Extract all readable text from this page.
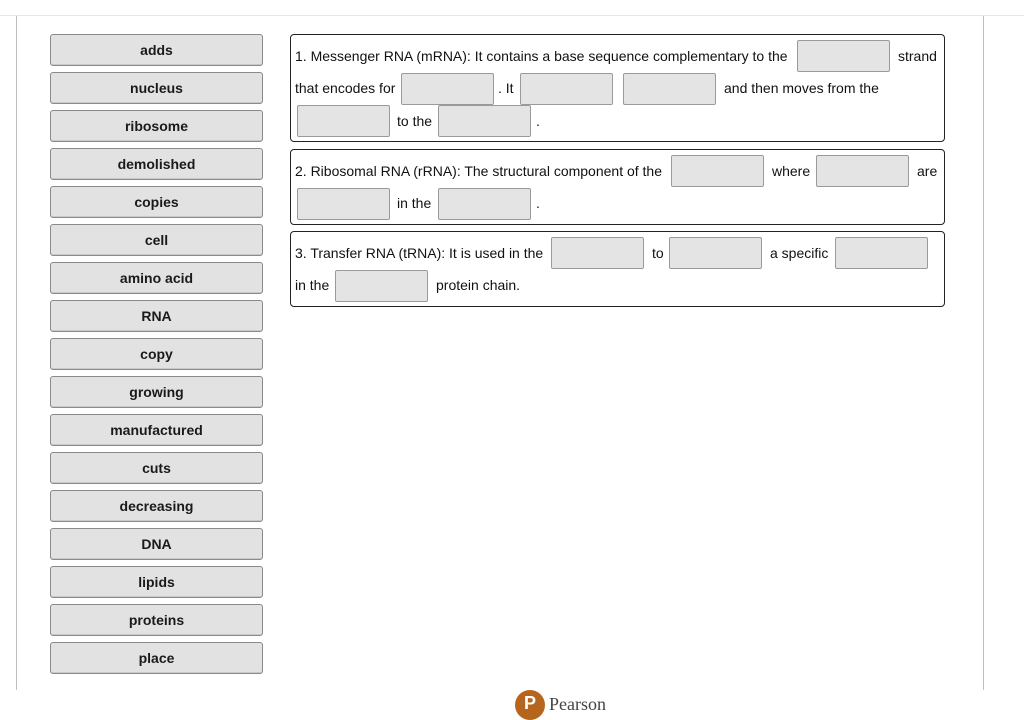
adds
nucleus
ribosome
demolished
copies
cell
amino acid
RNA
copy
growing
manufactured
cuts
decreasing
DNA
lipids
proteins
place
1. Messenger RNA (mRNA): It contains a base sequence complementary to the	strand
that encodes for	. It	and then moves from the
to the	.
2. Ribosomal RNA (rRNA): The structural component of the	where	are
in the	.
3. Transfer RNA (tRNA): It is used in the	to	a specific
in the	protein chain.
P Pearson
